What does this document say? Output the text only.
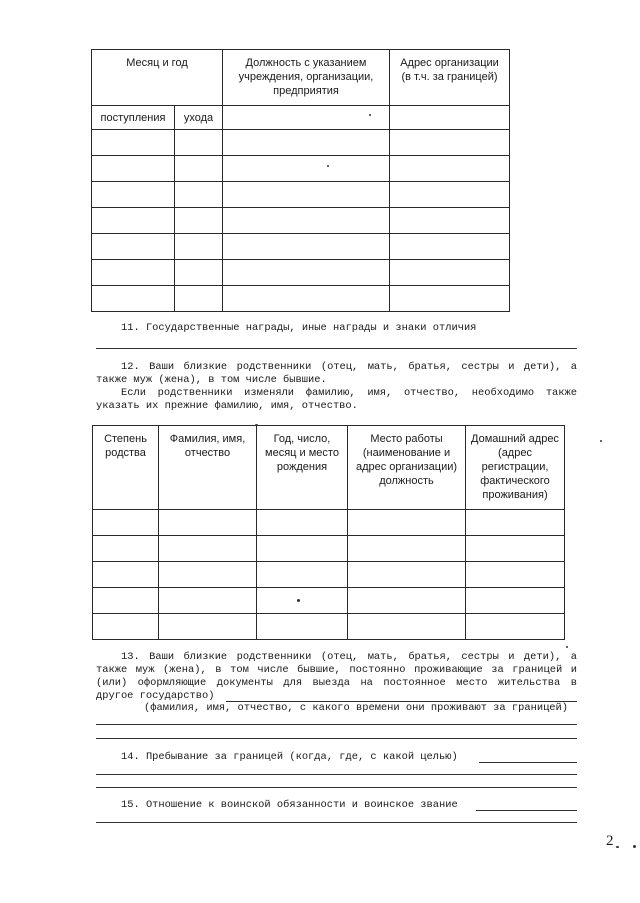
Месяц и год		Должность с указанием учреждения, организации, предприятия	Адрес организации (в т.ч. за границей)
поступления	ухода		

11. Государственные награды, иные награды и знаки отличия
12. Ваши близкие родственники (отец, мать, братья, сестры и дети), а
также муж (жена), в том числе бывшие.
Если родственники изменяли фамилию, имя, отчество, необходимо также
указать их прежние фамилию, имя, отчество.
Степень родства	Фамилия, имя, отчество	Год, число, месяц и место рождения	Место работы (наименование и адрес организации) должность	Домашний адрес (адрес регистрации, фактического проживания)

13. Ваши близкие родственники (отец, мать, братья, сестры и дети), а
также муж (жена), в том числе бывшие, постоянно проживающие за границей и
(или) оформляющие документы для выезда на постоянное место жительства в
другое государство)
(фамилия, имя, отчество, с какого времени они проживают за границей)
14. Пребывание за границей (когда, где, с какой целью)
15. Отношение к воинской обязанности и воинское звание
2
